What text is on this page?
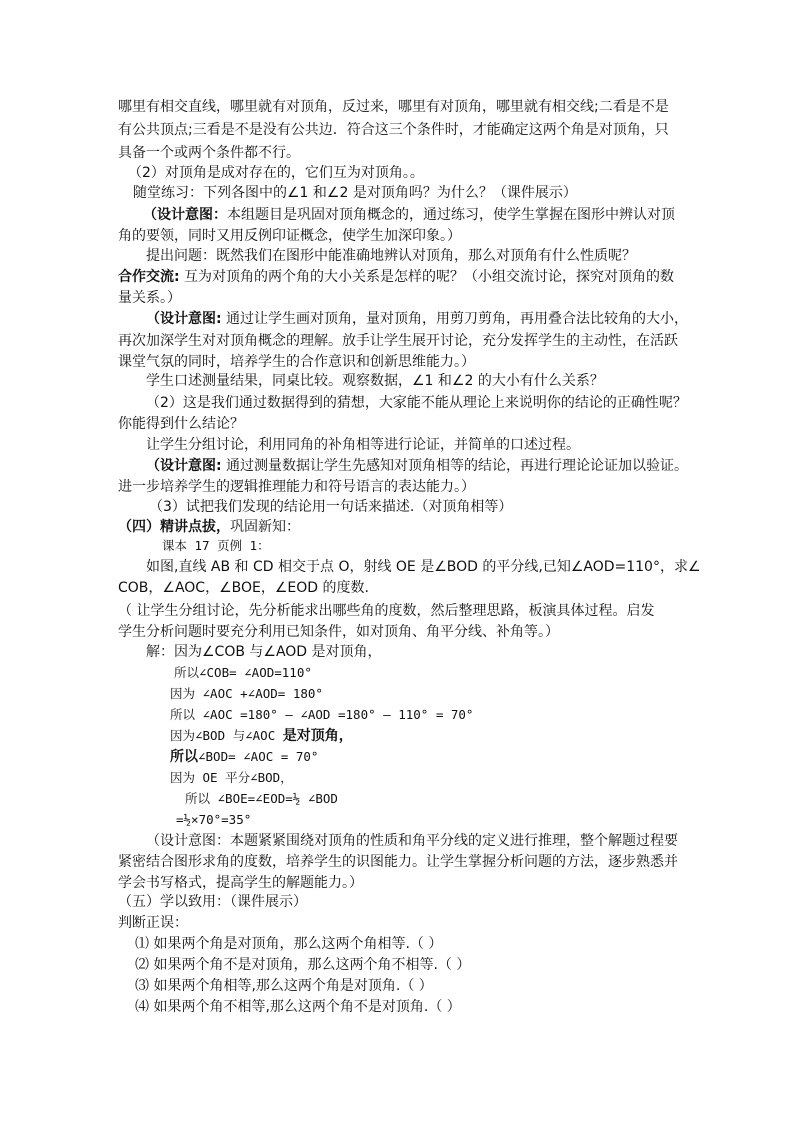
哪里有相交直线，哪里就有对顶角，反过来，哪里有对顶角，哪里就有相交线;二看是不是
有公共顶点;三看是不是没有公共边．符合这三个条件时，才能确定这两个角是对顶角，只
具备一个或两个条件都不行。
（2）对顶角是成对存在的，它们互为对顶角。。
随堂练习：下列各图中的∠1 和∠2 是对顶角吗？为什么？（课件展示）
（设计意图：本组题目是巩固对顶角概念的，通过练习，使学生掌握在图形中辨认对顶
角的要领，同时又用反例印证概念，使学生加深印象。）
提出问题：既然我们在图形中能准确地辨认对顶角，那么对顶角有什么性质呢？
合作交流: 互为对顶角的两个角的大小关系是怎样的呢？（小组交流讨论，探究对顶角的数
量关系。）
（设计意图: 通过让学生画对顶角，量对顶角，用剪刀剪角，再用叠合法比较角的大小，
再次加深学生对对顶角概念的理解。放手让学生展开讨论，充分发挥学生的主动性，在活跃
课堂气氛的同时，培养学生的合作意识和创新思维能力。）
学生口述测量结果，同桌比较。观察数据，∠1 和∠2 的大小有什么关系？
（2）这是我们通过数据得到的猜想，大家能不能从理论上来说明你的结论的正确性呢？
你能得到什么结论？
让学生分组讨论，利用同角的补角相等进行论证，并简单的口述过程。
（设计意图: 通过测量数据让学生先感知对顶角相等的结论，再进行理论论证加以验证。
进一步培养学生的逻辑推理能力和符号语言的表达能力。）
（3）试把我们发现的结论用一句话来描述.（对顶角相等）
（四）精讲点拔，巩固新知：
课本 17 页例 1：
如图,直线 AB 和 CD 相交于点 O，射线 OE 是∠BOD 的平分线,已知∠AOD=110°，求∠
COB，∠AOC，∠BOE，∠EOD 的度数.
（ 让学生分组讨论，先分析能求出哪些角的度数，然后整理思路，板演具体过程。启发
学生分析问题时要充分利用已知条件，如对顶角、角平分线、补角等。）
解：因为∠COB 与∠AOD 是对顶角，
所以∠COB= ∠AOD=110°
因为 ∠AOC +∠AOD= 180°
所以 ∠AOC =180° — ∠AOD =180° — 110° = 70°
因为∠BOD 与∠AOC 是对顶角，
所以∠BOD= ∠AOC = 70°
因为 OE 平分∠BOD，
所以 ∠BOE=∠EOD=½ ∠BOD
=½×70°=35°
（设计意图：本题紧紧围绕对顶角的性质和角平分线的定义进行推理，整个解题过程要
紧密结合图形求角的度数，培养学生的识图能力。让学生掌握分析问题的方法，逐步熟悉并
学会书写格式，提高学生的解题能力。）
（五）学以致用：（课件展示）
判断正误：
⑴ 如果两个角是对顶角，那么这两个角相等.（ ）
⑵ 如果两个角不是对顶角，那么这两个角不相等.（ ）
⑶ 如果两个角相等,那么这两个角是对顶角.（ ）
⑷ 如果两个角不相等,那么这两个角不是对顶角.（ ）
